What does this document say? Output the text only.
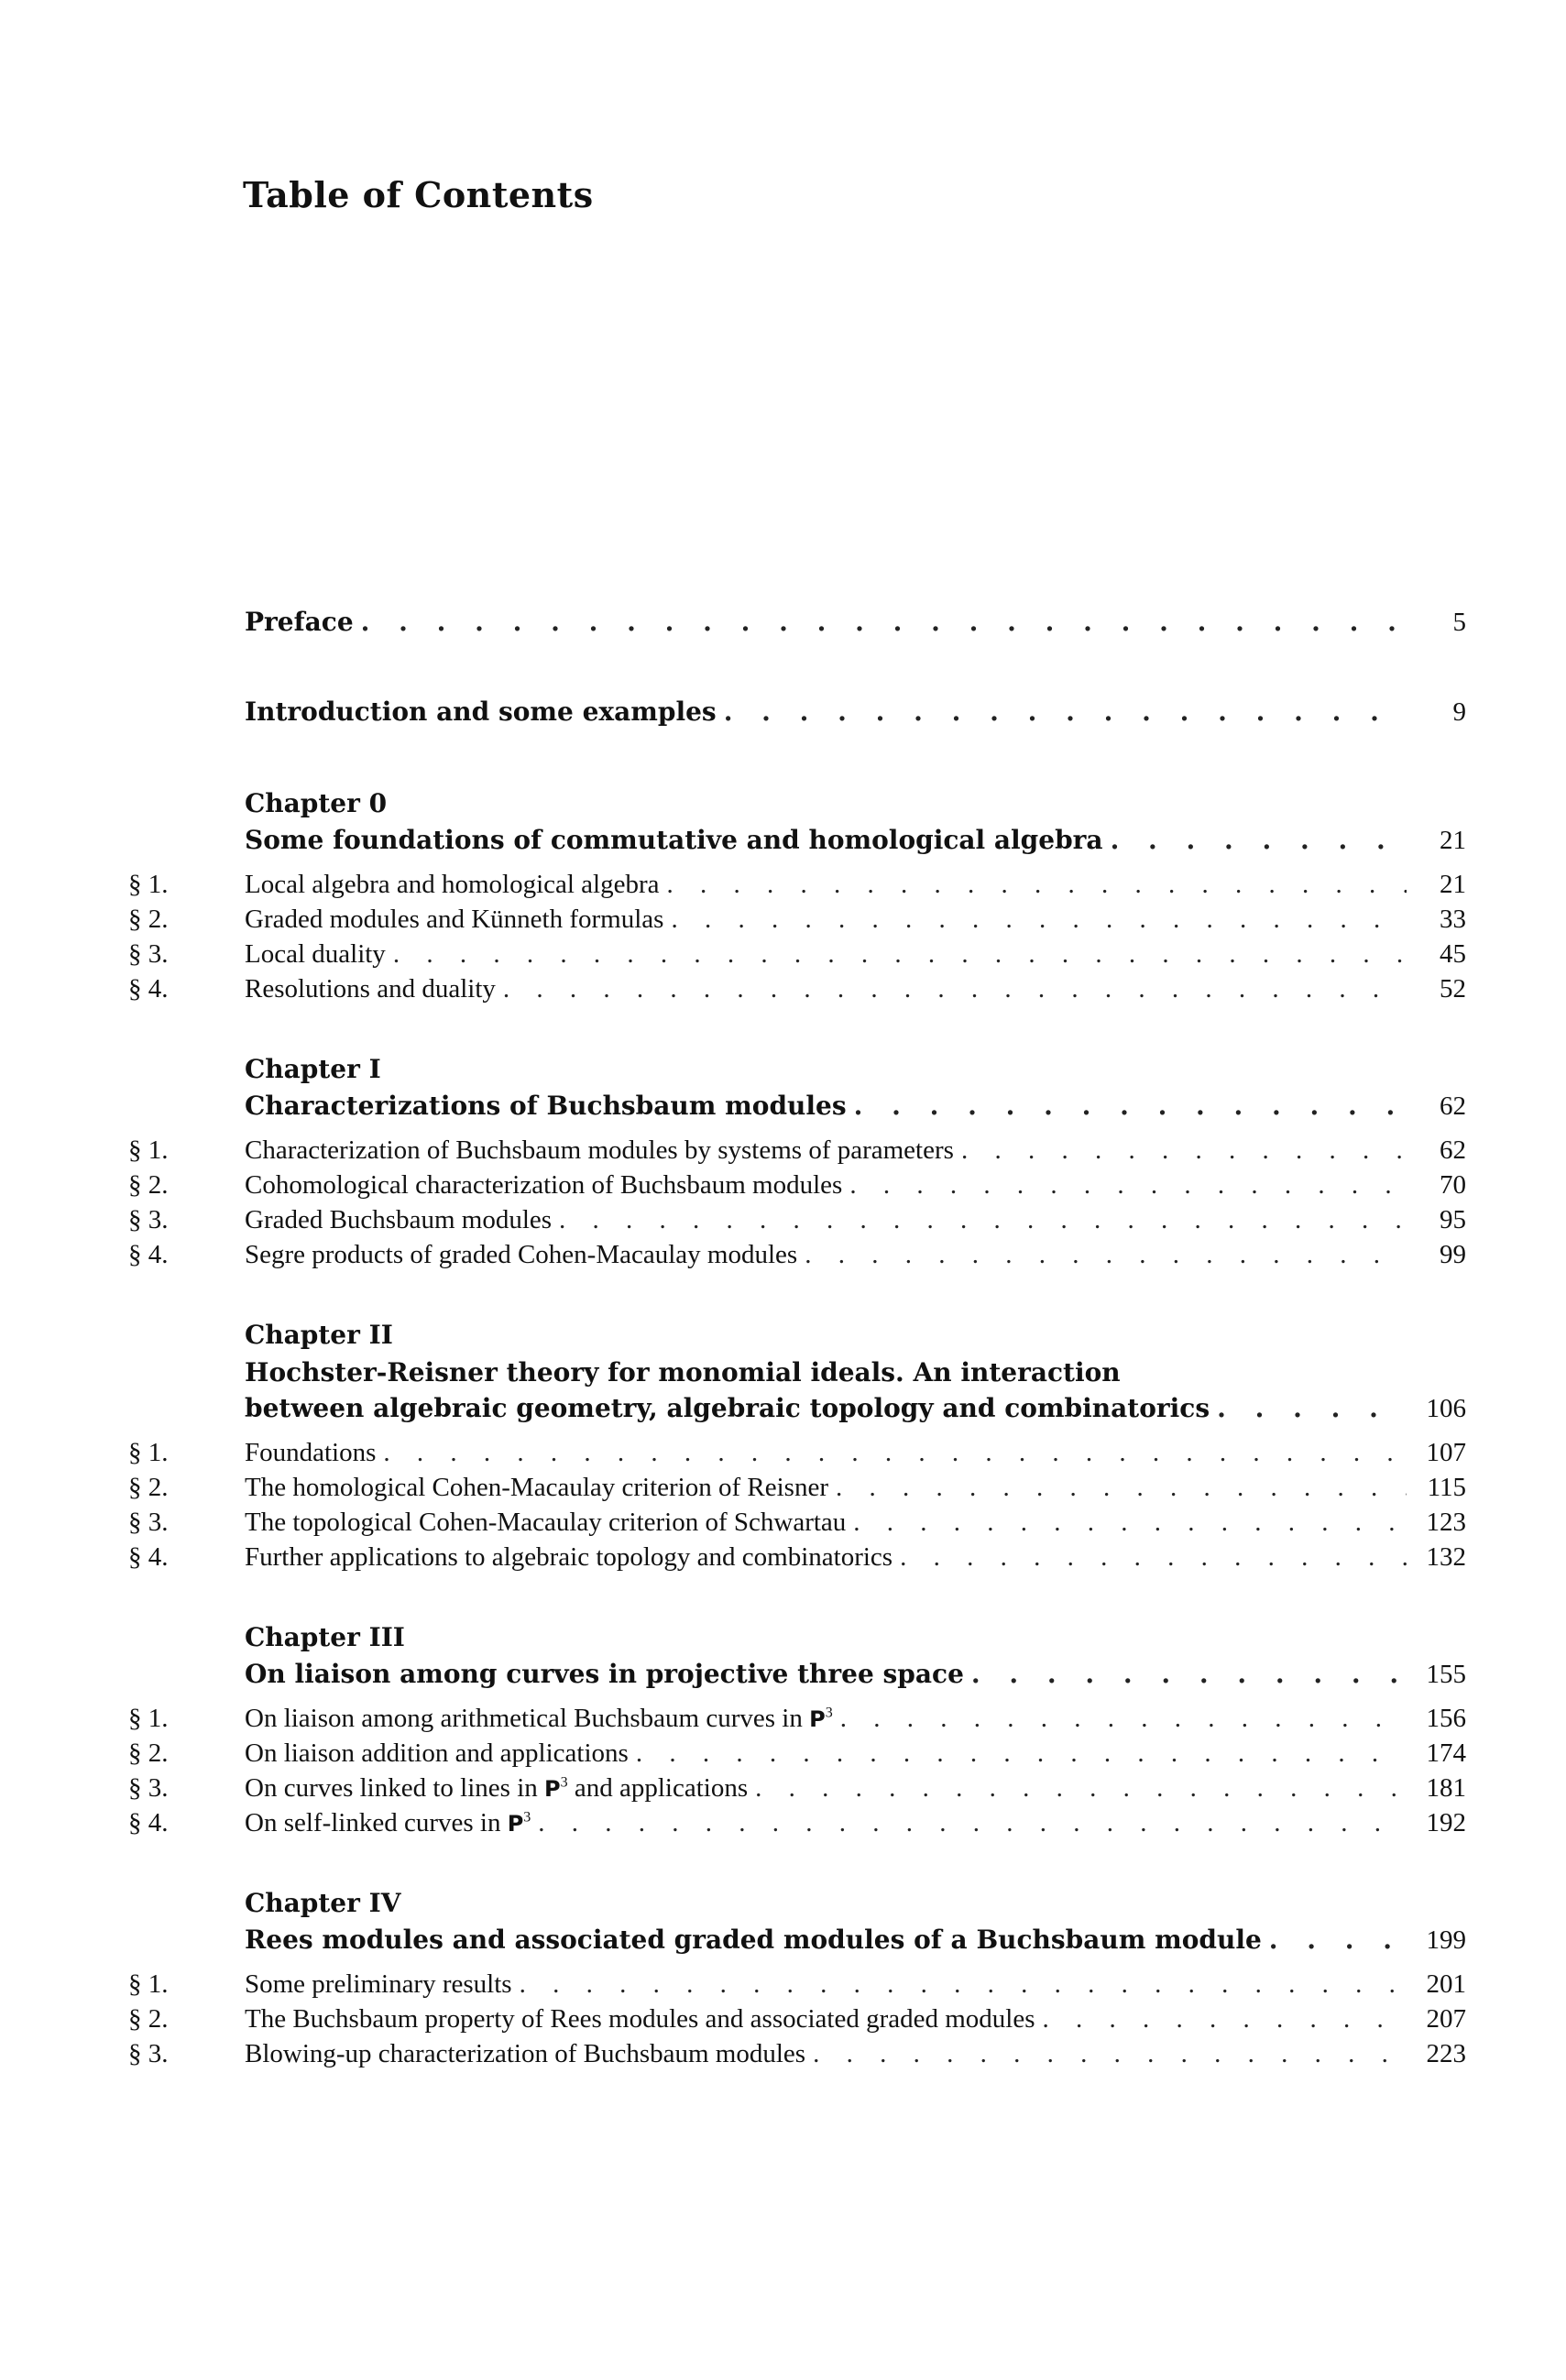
Table of Contents
Preface . . .	5
Introduction and some examples . . .	9
Chapter 0
Some foundations of commutative and homological algebra . . .	21
§ 1.	Local algebra and homological algebra . . .	21
§ 2.	Graded modules and Künneth formulas . . .	33
§ 3.	Local duality . . .	45
§ 4.	Resolutions and duality . . .	52
Chapter I
Characterizations of Buchsbaum modules . . .	62
§ 1.	Characterization of Buchsbaum modules by systems of parameters . . .	62
§ 2.	Cohomological characterization of Buchsbaum modules . . .	70
§ 3.	Graded Buchsbaum modules . . .	95
§ 4.	Segre products of graded Cohen-Macaulay modules . . .	99
Chapter II
Hochster-Reisner theory for monomial ideals. An interaction
between algebraic geometry, algebraic topology and combinatorics . . .	106
§ 1.	Foundations . . .	107
§ 2.	The homological Cohen-Macaulay criterion of Reisner . . .	115
§ 3.	The topological Cohen-Macaulay criterion of Schwartau . . .	123
§ 4.	Further applications to algebraic topology and combinatorics . . .	132
Chapter III
On liaison among curves in projective three space . . .	155
§ 1.	On liaison among arithmetical Buchsbaum curves in $P^3$ . . .	156
§ 2.	On liaison addition and applications . . .	174
§ 3.	On curves linked to lines in $P^3$ and applications . . .	181
§ 4.	On self-linked curves in $P^3$ . . .	192
Chapter IV
Rees modules and associated graded modules of a Buchsbaum module . . .	199
§ 1.	Some preliminary results . . .	201
§ 2.	The Buchsbaum property of Rees modules and associated graded modules . . .	207
§ 3.	Blowing-up characterization of Buchsbaum modules . . .	223
